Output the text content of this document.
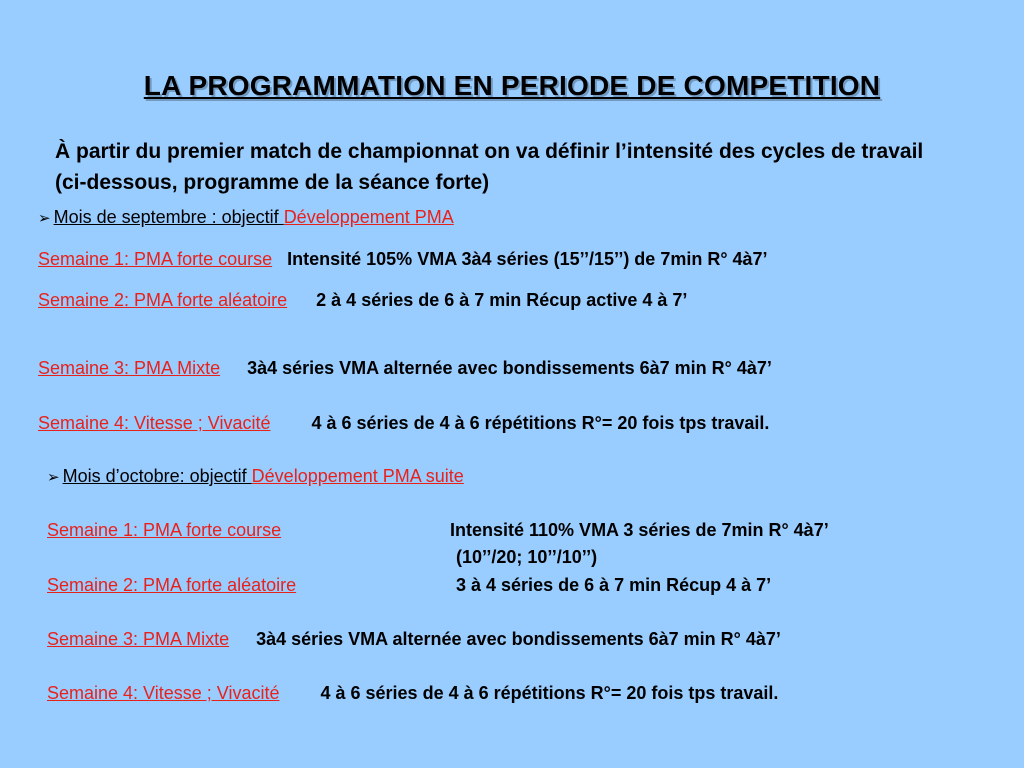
LA PROGRAMMATION EN PERIODE DE COMPETITION
À partir du premier match de championnat on va définir l’intensité des cycles de travail (ci-dessous, programme de la séance forte)
➢ Mois de septembre : objectif Développement PMA
Semaine 1: PMA forte course Intensité 105% VMA 3à4 séries (15’’/15’’) de 7min R° 4à7’
Semaine 2: PMA forte aléatoire 2 à 4 séries de 6 à 7 min Récup active 4 à 7’
Semaine 3: PMA Mixte 3à4 séries VMA alternée avec bondissements 6à7 min R° 4à7’
Semaine 4: Vitesse ; Vivacité 4 à 6 séries de 4 à 6 répétitions R°= 20 fois tps travail.
➢ Mois d’octobre: objectif Développement PMA suite
Semaine 1: PMA forte course	Intensité 110% VMA 3 séries de 7min R° 4à7’
(10’’/20; 10’’/10’’)
Semaine 2: PMA forte aléatoire	3 à 4 séries de 6 à 7 min Récup 4 à 7’
Semaine 3: PMA Mixte 3à4 séries VMA alternée avec bondissements 6à7 min R° 4à7’
Semaine 4: Vitesse ; Vivacité 4 à 6 séries de 4 à 6 répétitions R°= 20 fois tps travail.
